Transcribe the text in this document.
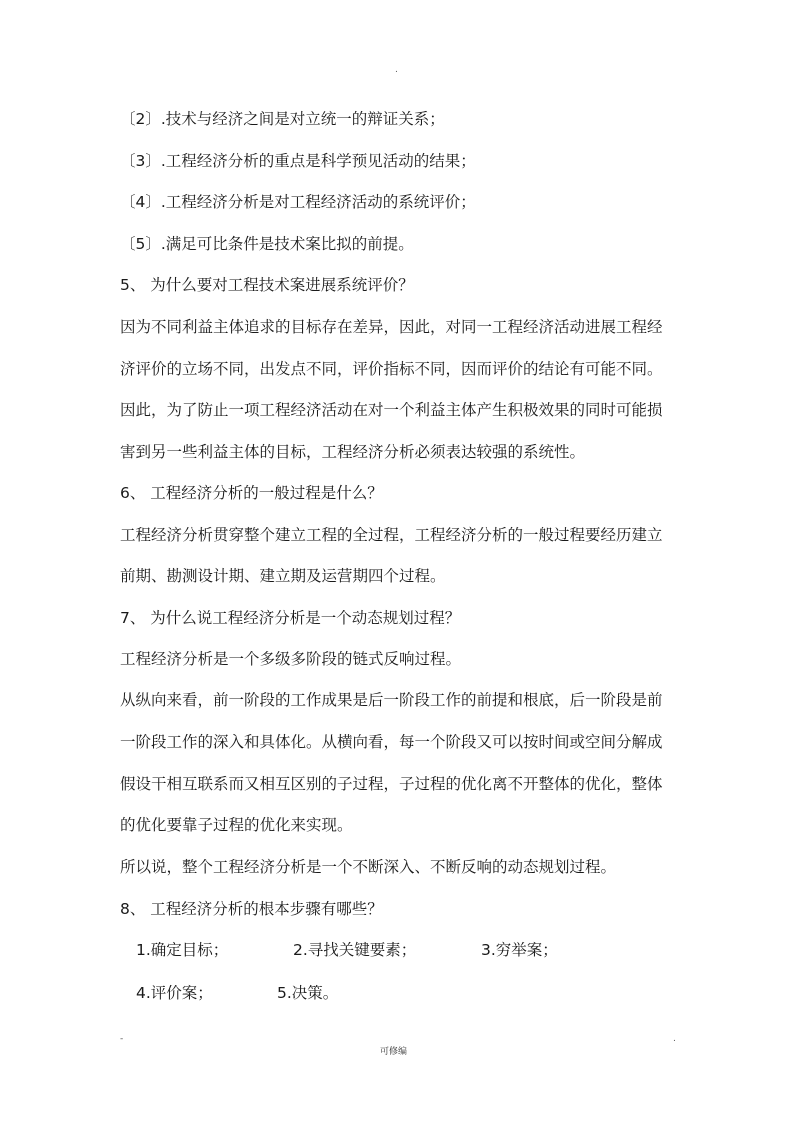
.
〔2〕.技术与经济之间是对立统一的辩证关系；
〔3〕.工程经济分析的重点是科学预见活动的结果；
〔4〕.工程经济分析是对工程经济活动的系统评价；
〔5〕.满足可比条件是技术案比拟的前提。
5、 为什么要对工程技术案进展系统评价？
因为不同利益主体追求的目标存在差异，因此，对同一工程经济活动进展工程经
济评价的立场不同，出发点不同，评价指标不同，因而评价的结论有可能不同。
因此，为了防止一项工程经济活动在对一个利益主体产生积极效果的同时可能损
害到另一些利益主体的目标，工程经济分析必须表达较强的系统性。
6、 工程经济分析的一般过程是什么？
工程经济分析贯穿整个建立工程的全过程，工程经济分析的一般过程要经历建立
前期、勘测设计期、建立期及运营期四个过程。
7、 为什么说工程经济分析是一个动态规划过程？
工程经济分析是一个多级多阶段的链式反响过程。
从纵向来看，前一阶段的工作成果是后一阶段工作的前提和根底，后一阶段是前
一阶段工作的深入和具体化。从横向看，每一个阶段又可以按时间或空间分解成
假设干相互联系而又相互区别的子过程，子过程的优化离不开整体的优化，整体
的优化要靠子过程的优化来实现。
所以说，整个工程经济分析是一个不断深入、不断反响的动态规划过程。
8、 工程经济分析的根本步骤有哪些？
1.确定目标；	2.寻找关键要素；	3.穷举案；
4.评价案；	5.决策。
-
可修编
.
